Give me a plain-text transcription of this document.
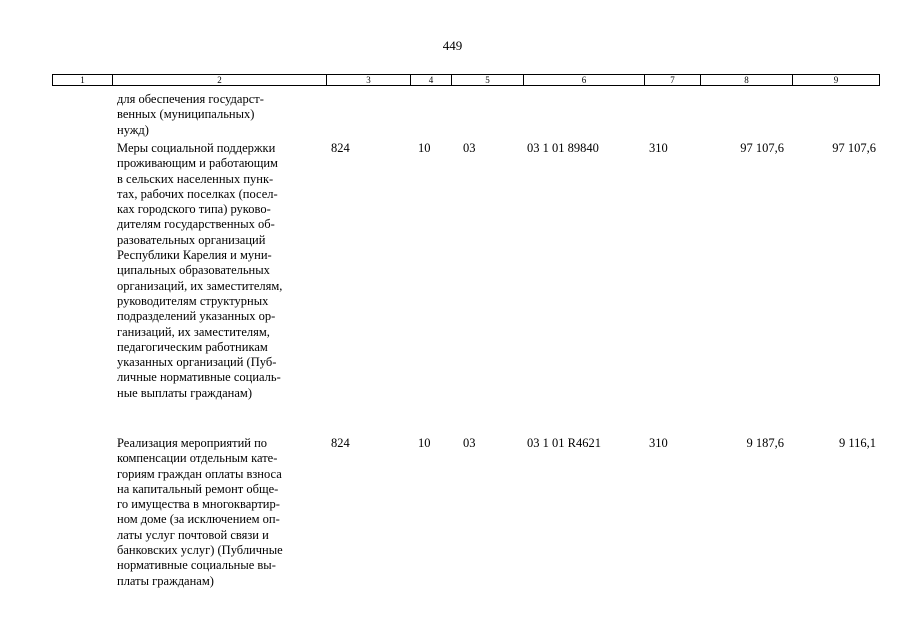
449
1	2	3	4	5	6	7	8	9
для обеспечения государст-
венных (муниципальных)
нужд)
Меры социальной поддержки
проживающим и работающим
в сельских населенных пунк-
тах, рабочих поселках (посел-
ках городского типа) руково-
дителям государственных об-
разовательных организаций
Республики Карелия и муни-
ципальных образовательных
организаций, их заместителям,
руководителям структурных
подразделений указанных ор-
ганизаций, их заместителям,
педагогическим работникам
указанных организаций (Пуб-
личные нормативные социаль-
ные выплаты гражданам)
824	10	03	03 1 01 89840	310	97 107,6	97 107,6
Реализация мероприятий по
компенсации отдельным кате-
гориям граждан оплаты взноса
на капитальный ремонт обще-
го имущества в многоквартир-
ном доме (за исключением оп-
латы услуг почтовой связи и
банковских услуг) (Публичные
нормативные социальные вы-
платы гражданам)
824	10	03	03 1 01 R4621	310	9 187,6	9 116,1
